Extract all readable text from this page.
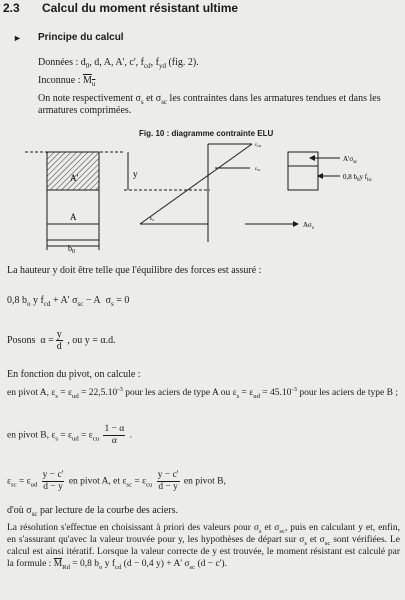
2.3 Calcul du moment résistant ultime
► Principe du calcul
Données : $d_0$, d, A, A', c', $f_{cd}$, $f_{yd}$ (fig. 2).
Inconnue : $M_u$
On note respectivement $\sigma_s$ et $\sigma_{sc}$ les contraintes dans les armatures tendues et dans les armatures comprimées.
Fig. 10 : diagramme contrainte ELU
A'
A
$b_0$
y
$\varepsilon_{cu}$
$\varepsilon_{sc}$
εs
$A'\sigma_{sc}$
0,8 $b_0y$ $f_{bc}$
$A\sigma_s$
La hauteur y doit être telle que l'équilibre des forces est assuré :
0,8 $b_o$ y $f_{cd} + A'$ $\sigma_{sc} - A$  $\sigma_s = 0$
Posons  $\alpha = \frac{y}{d}$ , ou y = α.d.
En fonction du pivot, on calcule :
en pivot A, $\varepsilon_s = \varepsilon_{ud} = 22,5.10^{-3}$ pour les aciers de type A ou $\varepsilon_s = \varepsilon_{ud} = 45.10^{-3}$ pour les aciers de type B ;
en pivot B, $\varepsilon_s = \varepsilon_{ud} = \varepsilon_{cu} \frac{1 - \alpha}{\alpha}$ .
$\varepsilon_{sc} = \varepsilon_{ud} \frac{y - c'}{d - y}$ en pivot A, et $\varepsilon_{sc} = \varepsilon_{cu} \frac{y - c'}{d - y}$ en pivot B,
d'où $\sigma_{sc}$ par lecture de la courbe des aciers.
La résolution s'effectue en choisissant à priori des valeurs pour $\sigma_s$ et $\sigma_{sc}$, puis en calculant y et, enfin, en s'assurant qu'avec la valeur trouvée pour y, les hypothèses de départ sur $\sigma_s$ et $\sigma_{sc}$ sont vérifiées. Le calcul est ainsi itératif. Lorsque la valeur correcte de y est trouvée, le moment résistant est calculé par la formule : $\overline{M}_{Rd} = 0,8$ $b_o$ y $f_{cd}$ (d − 0,4 y) + A' $\sigma_{sc}$ (d − c').
